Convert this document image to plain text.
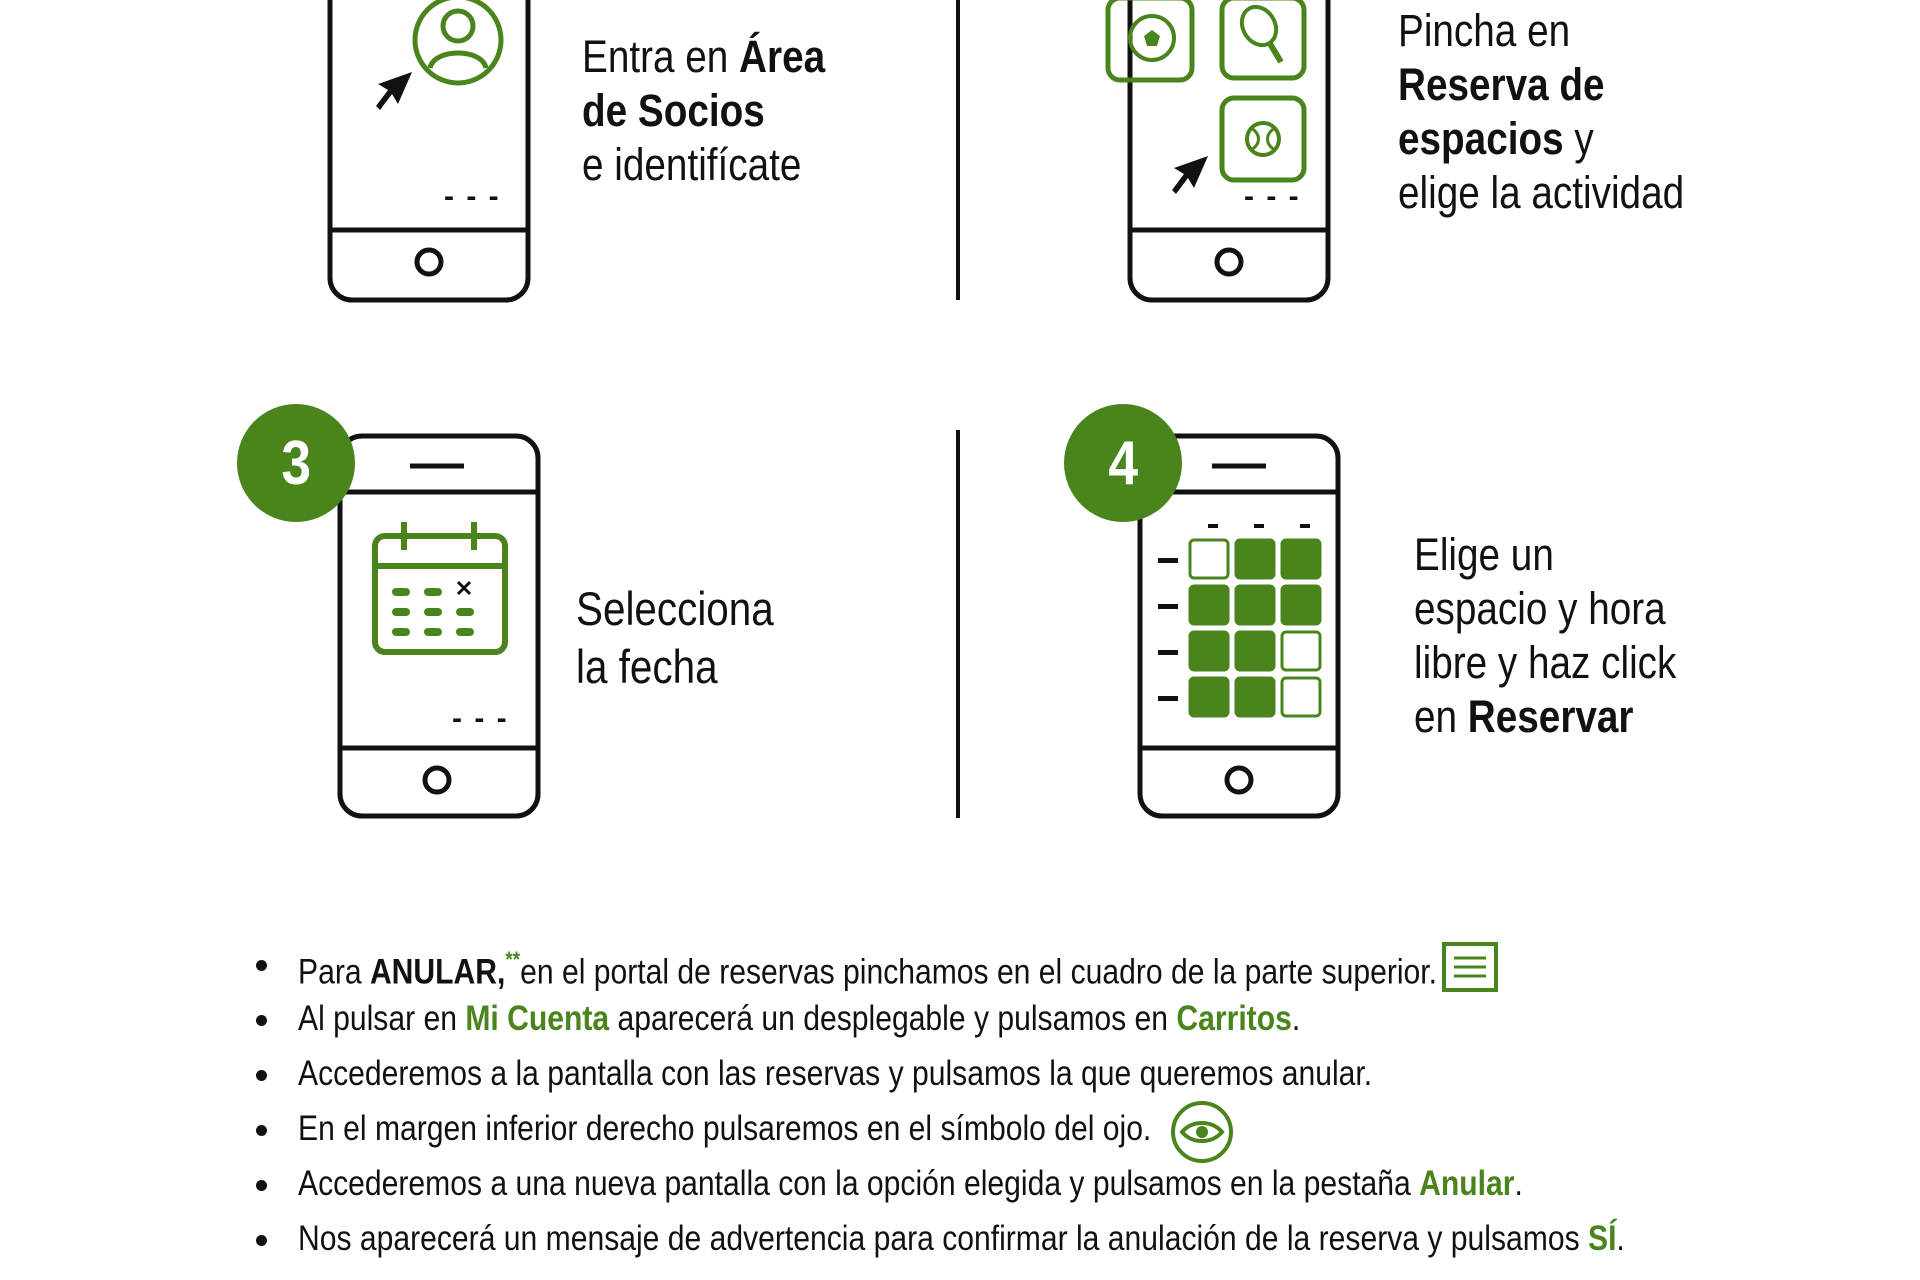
- - -
Entra en Área
de Socios
e identifícate
- - -
Pincha en
Reserva de
espacios y
elige la actividad
- - -
3
Selecciona
la fecha
4
Elige un
espacio y hora
libre y haz click
en Reservar
Para ANULAR,**en el portal de reservas pinchamos en el cuadro de la parte superior.
Al pulsar en Mi Cuenta aparecerá un desplegable y pulsamos en Carritos.
Accederemos a la pantalla con las reservas y pulsamos la que queremos anular.
En el margen inferior derecho pulsaremos en el símbolo del ojo.
Accederemos a una nueva pantalla con la opción elegida y pulsamos en la pestaña Anular.
Nos aparecerá un mensaje de advertencia para confirmar la anulación de la reserva y pulsamos SÍ.
